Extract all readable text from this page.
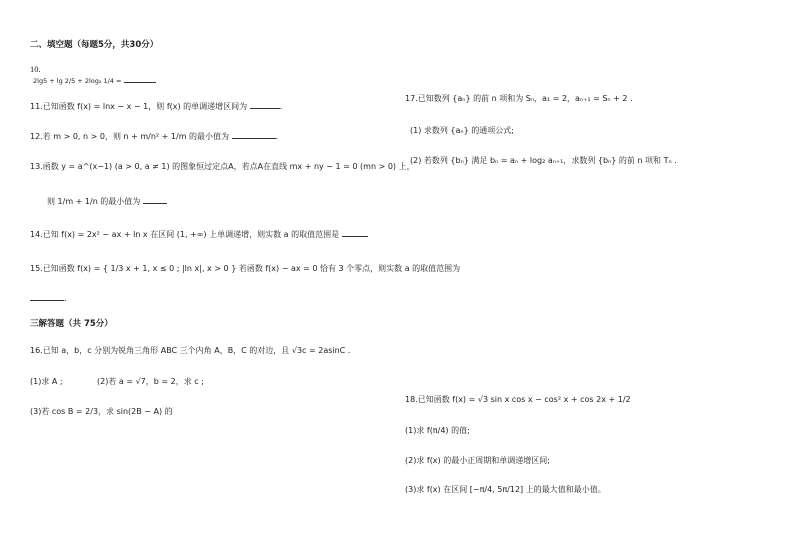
二、填空题（每题5分，共30分）
10.
2lg5 + lg 2/5 + 2log₂ 1/4 =
11.已知函数 f(x) = lnx − x − 1，则 f(x) 的单调递增区间为	.
12.若 m > 0, n > 0，则 n + m/n² + 1/m 的最小值为	.
13.函数 y = a^(x−1) (a > 0, a ≠ 1) 的图象恒过定点A，若点A在直线 mx + ny − 1 = 0 (mn > 0) 上，
则 1/m + 1/n 的最小值为
14.已知 f(x) = 2x² − ax + ln x 在区间 (1, +∞) 上单调递增，则实数 a 的取值范围是
15.已知函数 f(x) = { 1/3 x + 1, x ≤ 0 ; |ln x|, x > 0 } 若函数 f(x) − ax = 0 恰有 3 个零点，则实数 a 的取值范围为
.
三解答题（共 75分）
16.已知 a，b，c 分别为锐角三角形 ABC 三个内角 A，B，C 的对边，且 √3c = 2asinC .
(1)求 A ;	(2)若 a = √7，b = 2，求 c ;
(3)若 cos B = 2/3，求 sin(2B − A) 的
17.已知数列 {aₙ} 的前 n 项和为 Sₙ，a₁ = 2，aₙ₊₁ = Sₙ + 2 .
(1) 求数列 {aₙ} 的通项公式;
(2) 若数列 {bₙ} 满足 bₙ = aₙ + log₂ aₙ₊₁，求数列 {bₙ} 的前 n 项和 Tₙ .
18.已知函数 f(x) = √3 sin x cos x − cos² x + cos 2x + 1/2
(1)求 f(π/4) 的值;
(2)求 f(x) 的最小正周期和单调递增区间;
(3)求 f(x) 在区间 [−π/4, 5π/12] 上的最大值和最小值。
